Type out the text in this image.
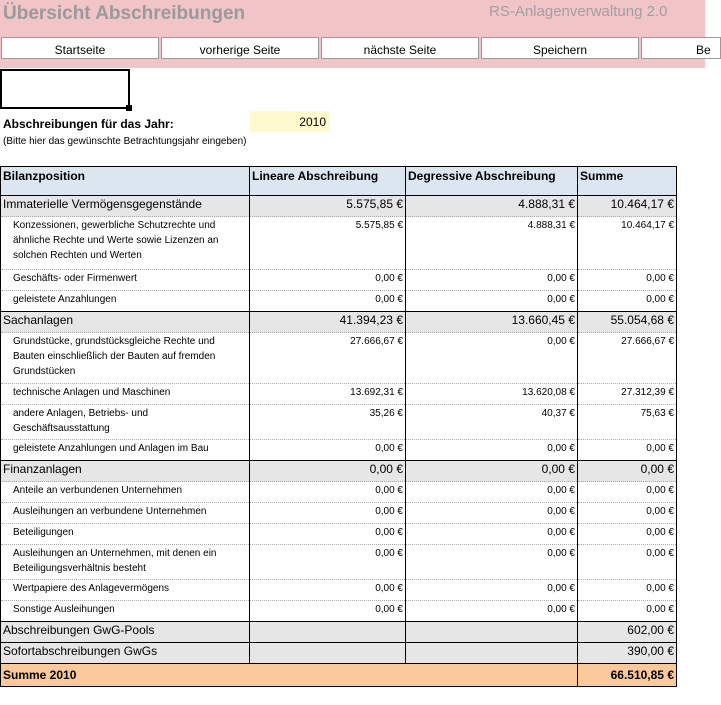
Übersicht Abschreibungen	RS-Anlagenverwaltung 2.0
Startseite	vorherige Seite	nächste Seite	Speichern	Be
Abschreibungen für das Jahr:	2010
(Bitte hier das gewünschte Betrachtungsjahr eingeben)
Bilanzposition	Lineare Abschreibung	Degressive Abschreibung	Summe
Immaterielle Vermögensgegenstände	5.575,85 €	4.888,31 €	10.464,17 €
Konzessionen, gewerbliche Schutzrechte und ähnliche Rechte und Werte sowie Lizenzen an solchen Rechten und Werten	5.575,85 €	4.888,31 €	10.464,17 €
Geschäfts- oder Firmenwert	0,00 €	0,00 €	0,00 €
geleistete Anzahlungen	0,00 €	0,00 €	0,00 €
Sachanlagen	41.394,23 €	13.660,45 €	55.054,68 €
Grundstücke, grundstücksgleiche Rechte und Bauten einschließlich der Bauten auf fremden Grundstücken	27.666,67 €	0,00 €	27.666,67 €
technische Anlagen und Maschinen	13.692,31 €	13.620,08 €	27.312,39 €
andere Anlagen, Betriebs- und Geschäftsausstattung	35,26 €	40,37 €	75,63 €
geleistete Anzahlungen und Anlagen im Bau	0,00 €	0,00 €	0,00 €
Finanzanlagen	0,00 €	0,00 €	0,00 €
Anteile an verbundenen Unternehmen	0,00 €	0,00 €	0,00 €
Ausleihungen an verbundene Unternehmen	0,00 €	0,00 €	0,00 €
Beteiligungen	0,00 €	0,00 €	0,00 €
Ausleihungen an Unternehmen, mit denen ein Beteiligungsverhältnis besteht	0,00 €	0,00 €	0,00 €
Wertpapiere des Anlagevermögens	0,00 €	0,00 €	0,00 €
Sonstige Ausleihungen	0,00 €	0,00 €	0,00 €
Abschreibungen GwG-Pools			602,00 €
Sofortabschreibungen GwGs			390,00 €
Summe 2010			66.510,85 €
